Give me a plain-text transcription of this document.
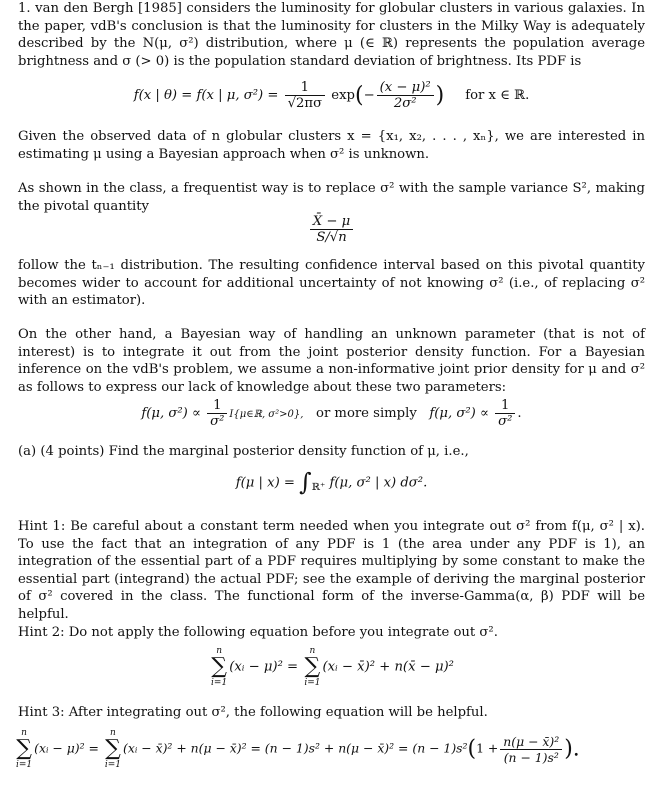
1. van den Bergh [1985] considers the luminosity for globular clusters in various galaxies. In the paper, vdB's conclusion is that the luminosity for clusters in the Milky Way is adequately described by the N(μ, σ²) distribution, where μ (∈ ℝ) represents the population average brightness and σ (> 0) is the population standard deviation of brightness. Its PDF is

f(x | θ) = f(x | μ, $\sigma^2) = \frac{1}{√2\pi\sigma} \exp(- \frac{\text{(x − μ)²}}{\text{2σ²}}$ ) for x ∈ ℝ.

Given the observed data of n globular clusters x = {x₁, x₂, . . . , xₙ}, we are interested in estimating μ using a Bayesian approach when σ² is unknown.

As shown in the class, a frequentist way is to replace σ² with the sample variance S², making the pivotal quantity

$\frac{X̄ - \mu}{S/√n}$

follow the tₙ₋₁ distribution. The resulting confidence interval based on this pivotal quantity becomes wider to account for additional uncertainty of not knowing σ² (i.e., of replacing σ² with an estimator).

On the other hand, a Bayesian way of handling an unknown parameter (that is not of interest) is to integrate it out from the joint posterior density function. For a Bayesian inference on the vdB's problem, we assume a non-informative joint prior density for μ and σ² as follows to express our lack of knowledge about these two parameters:

f(μ, $\sigma^2) \propto \frac{1}{\text{σ²}}$ I{μ∈ℝ, σ²>0}, or more simply f(μ, $\sigma^2) \propto \frac{1}{\text{σ²}}$ .

(a) (4 points) Find the marginal posterior density function of μ, i.e.,

f(μ | $x) = \int_{ℝ^+}$ f(μ, σ² | x) dσ².

Hint 1: Be careful about a constant term needed when you integrate out σ² from f(μ, σ² | x). To use the fact that an integration of any PDF is 1 (the area under any PDF is 1), an integration of the essential part of a PDF requires multiplying by some constant to make the essential part (integrand) the actual PDF; see the example of deriving the marginal posterior of σ² covered in the class. The functional form of the inverse-Gamma(α, β) PDF will be helpful.

Hint 2: Do not apply the following equation before you integrate out σ².

n
∑
i=1
(xᵢ − μ)² =
n
∑
i=1
(xᵢ − x̄)² + n(x̄ − μ)²

Hint 3: After integrating out σ², the following equation will be helpful.

n
∑
i=1
(xᵢ − μ)² =
n
∑
i=1
(xᵢ − x̄)² + n(μ − x̄)² = (n − 1)s² + n(μ − x̄)² = $(n - 1)s^2(1 + \frac{\text{n(μ − x̄)²}}{\text{(n − 1)s²}}$ ).
